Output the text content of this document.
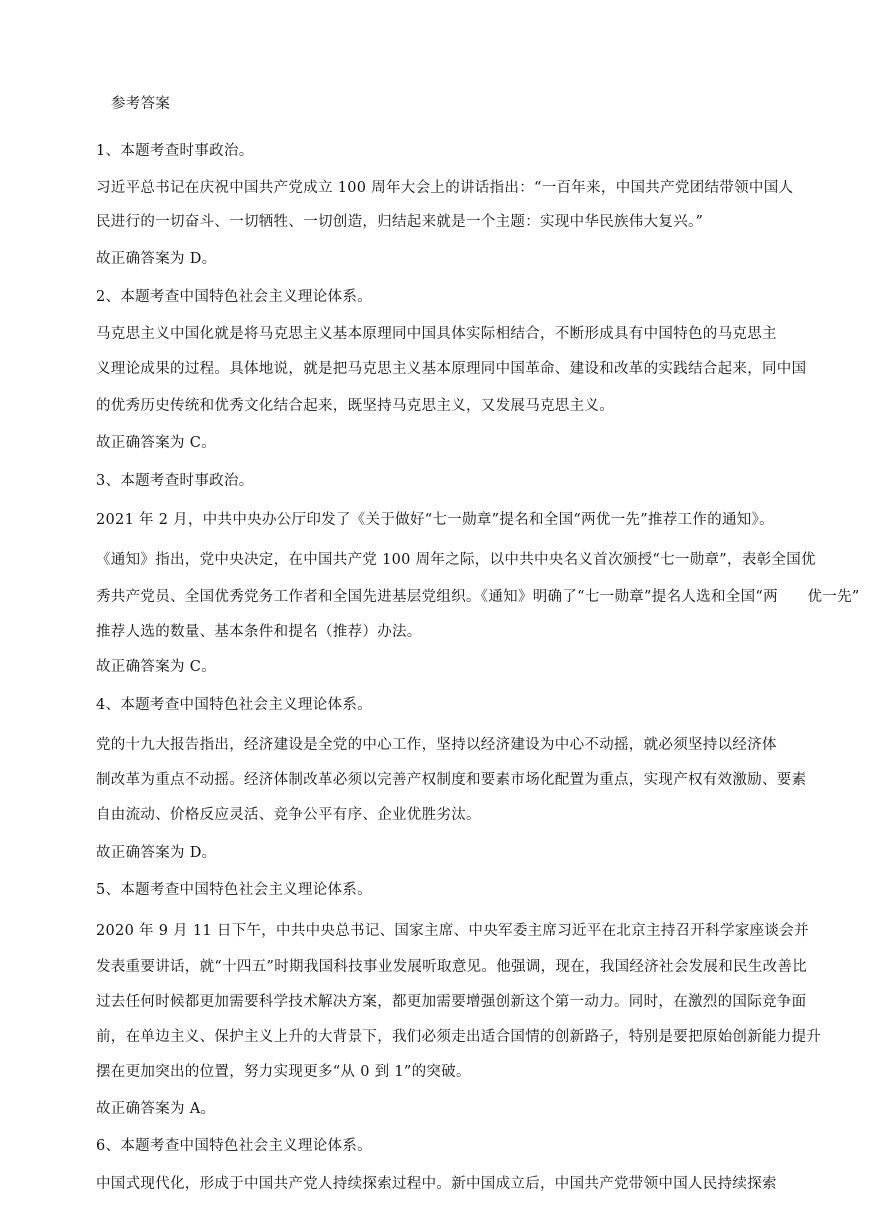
参考答案
1、本题考查时事政治。
习近平总书记在庆祝中国共产党成立 100 周年大会上的讲话指出：“一百年来，中国共产党团结带领中国人
民进行的一切奋斗、一切牺牲、一切创造，归结起来就是一个主题：实现中华民族伟大复兴。”
故正确答案为 D。
2、本题考查中国特色社会主义理论体系。
马克思主义中国化就是将马克思主义基本原理同中国具体实际相结合，不断形成具有中国特色的马克思主
义理论成果的过程。具体地说，就是把马克思主义基本原理同中国革命、建设和改革的实践结合起来，同中国
的优秀历史传统和优秀文化结合起来，既坚持马克思主义，又发展马克思主义。
故正确答案为 C。
3、本题考查时事政治。
2021 年 2 月，中共中央办公厅印发了《关于做好“七一勋章”提名和全国“两优一先”推荐工作的通知》。
《通知》指出，党中央决定，在中国共产党 100 周年之际，以中共中央名义首次颁授“七一勋章”，表彰全国优
秀共产党员、全国优秀党务工作者和全国先进基层党组织。《通知》明确了“七一勋章”提名人选和全国“两　　优一先”
推荐人选的数量、基本条件和提名（推荐）办法。
故正确答案为 C。
4、本题考查中国特色社会主义理论体系。
党的十九大报告指出，经济建设是全党的中心工作，坚持以经济建设为中心不动摇，就必须坚持以经济体
制改革为重点不动摇。经济体制改革必须以完善产权制度和要素市场化配置为重点，实现产权有效激励、要素
自由流动、价格反应灵活、竞争公平有序、企业优胜劣汰。
故正确答案为 D。
5、本题考查中国特色社会主义理论体系。
2020 年 9 月 11 日下午，中共中央总书记、国家主席、中央军委主席习近平在北京主持召开科学家座谈会并
发表重要讲话，就“十四五”时期我国科技事业发展听取意见。他强调，现在，我国经济社会发展和民生改善比
过去任何时候都更加需要科学技术解决方案，都更加需要增强创新这个第一动力。同时，在激烈的国际竞争面
前，在单边主义、保护主义上升的大背景下，我们必须走出适合国情的创新路子，特别是要把原始创新能力提升
摆在更加突出的位置，努力实现更多“从 0 到 1”的突破。
故正确答案为 A。
6、本题考查中国特色社会主义理论体系。
中国式现代化，形成于中国共产党人持续探索过程中。新中国成立后，中国共产党带领中国人民持续探索
